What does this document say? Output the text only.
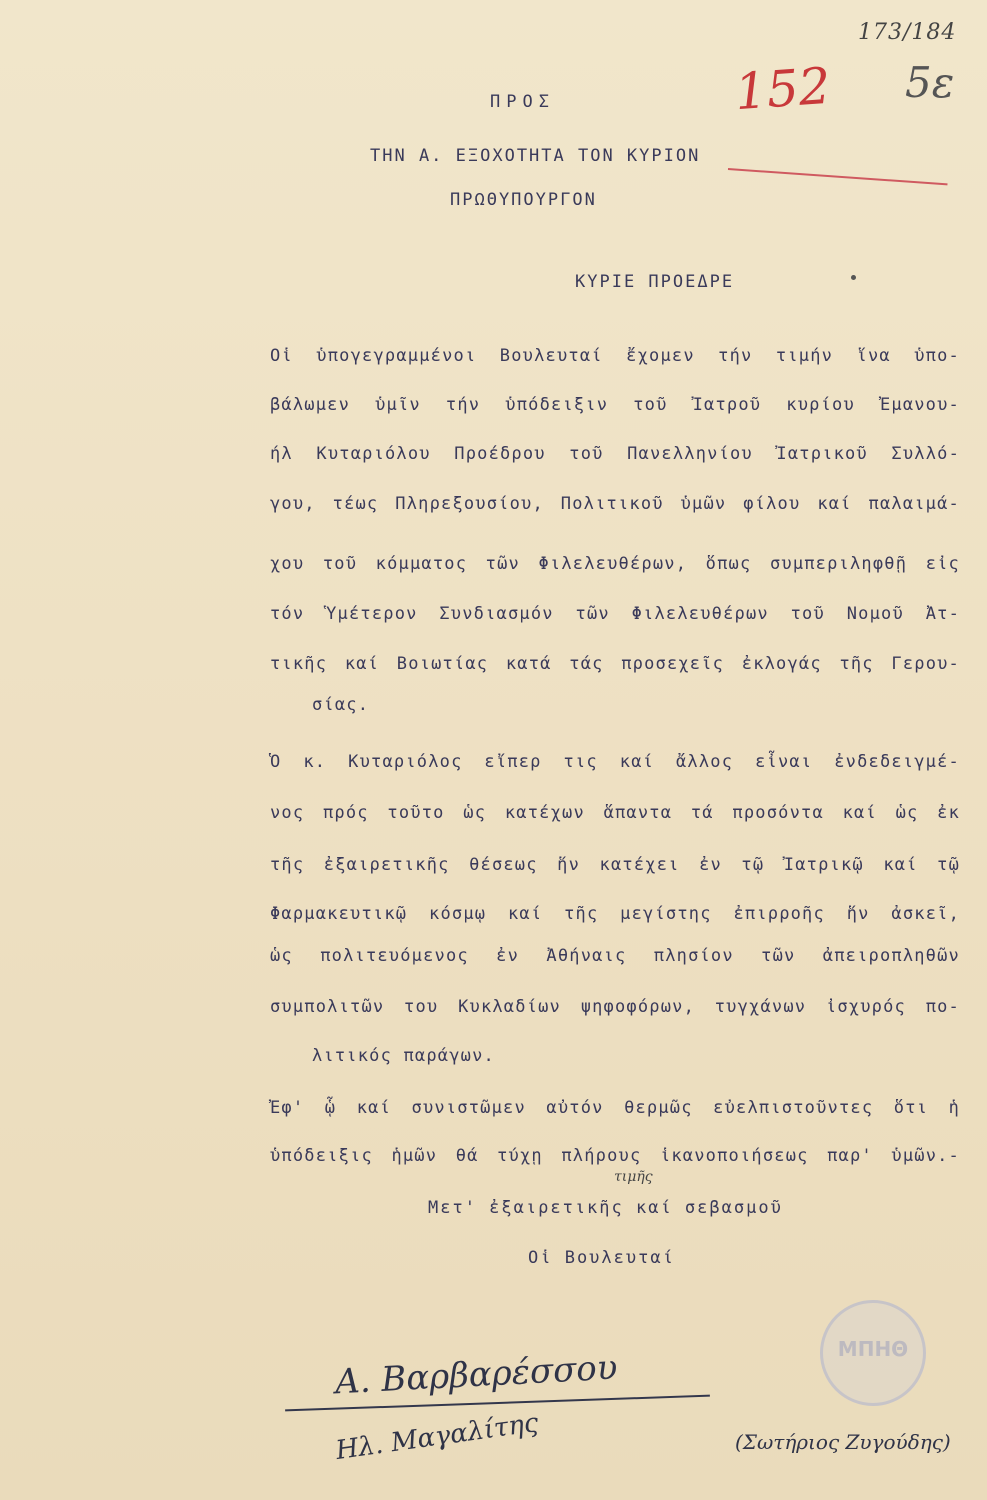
173/184
152 5ε
ΠΡΟΣ
ΤΗΝ Α. ΕΞΟΧΟΤΗΤΑ ΤΟΝ ΚΥΡΙΟΝ
ΠΡΩΘΥΠΟΥΡΓΟΝ
ΚΥΡΙΕ ΠΡΟΕΔΡΕ
Οἱ ὑπογεγραμμένοι Βουλευταί ἔχομεν τήν τιμήν ἵνα ὑπο-
βάλωμεν ὑμῖν τήν ὑπόδειξιν τοῦ Ἰατροῦ κυρίου Ἐμανου-
ήλ Κυταριόλου Προέδρου τοῦ Πανελληνίου Ἰατρικοῦ Συλλό-
γου, τέως Πληρεξουσίου, Πολιτικοῦ ὑμῶν φίλου καί παλαιμά-
χου τοῦ κόμματος τῶν Φιλελευθέρων, ὅπως συμπεριληφθῇ εἰς
τόν Ὑμέτερον Συνδιασμόν τῶν Φιλελευθέρων τοῦ Νομοῦ Ἀτ-
τικῆς καί Βοιωτίας κατά τάς προσεχεῖς ἐκλογάς τῆς Γερου-
σίας.
Ὁ κ. Κυταριόλος εἴπερ τις καί ἄλλος εἶναι ἐνδεδειγμέ-
νος πρός τοῦτο ὡς κατέχων ἅπαντα τά προσόντα καί ὡς ἐκ
τῆς ἐξαιρετικῆς θέσεως ἥν κατέχει ἐν τῷ Ἰατρικῷ καί τῷ
Φαρμακευτικῷ κόσμῳ καί τῆς μεγίστης ἐπιρροῆς ἥν ἀσκεῖ,
ὡς πολιτευόμενος ἐν Ἀθήναις πλησίον τῶν ἀπειροπληθῶν
συμπολιτῶν του Κυκλαδίων ψηφοφόρων, τυγχάνων ἰσχυρός πο-
λιτικός παράγων.
Ἐφ' ᾧ καί συνιστῶμεν αὐτόν θερμῶς εὐελπιστοῦντες ὅτι ἡ
ὑπόδειξις ἡμῶν θά τύχῃ πλήρους ἱκανοποιήσεως παρ' ὑμῶν.-
τιμῆς
Μετ' ἐξαιρετικῆς καί σεβασμοῦ
Οἱ Βουλευταί
ΜΠΗΘ
Α. Βαρβαρέσσου
Ηλ. Μαγαλίτης	(Σωτήριος Ζυγούδης)
